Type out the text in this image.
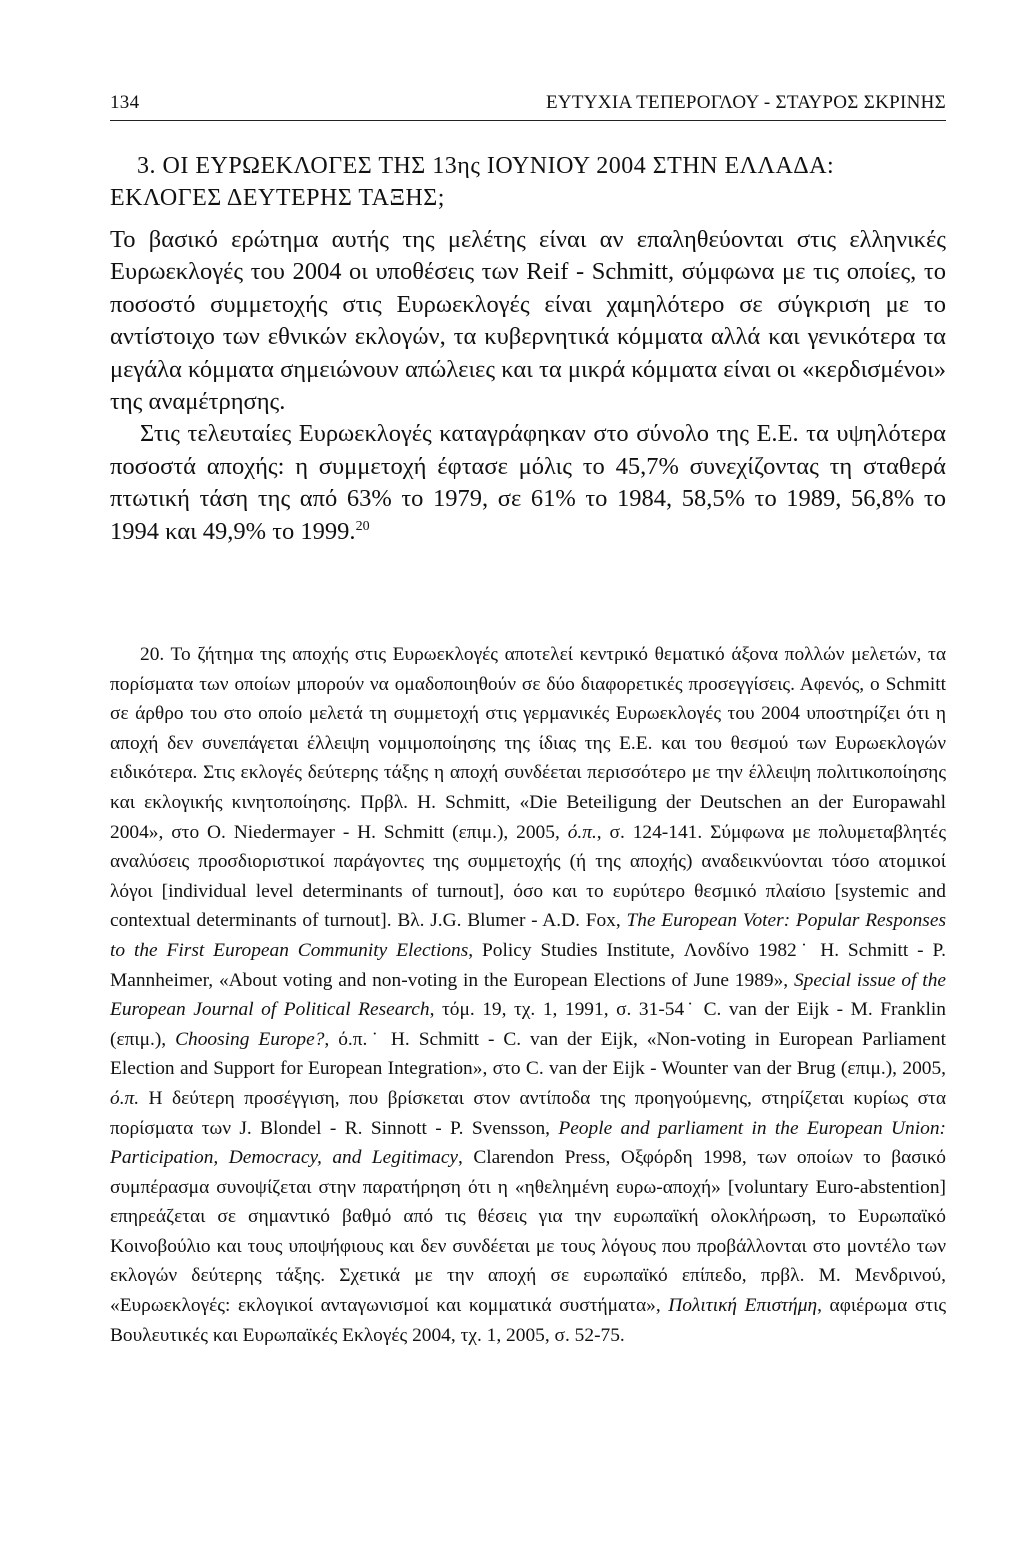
134	ΕΥΤΥΧΙΑ ΤΕΠΕΡΟΓΛΟΥ - ΣΤΑΥΡΟΣ ΣΚΡΙΝΗΣ
3. ΟΙ ΕΥΡΩΕΚΛΟΓΕΣ ΤΗΣ 13ης ΙΟΥΝΙΟΥ 2004 ΣΤΗΝ ΕΛΛΑΔΑ: ΕΚΛΟΓΕΣ ΔΕΥΤΕΡΗΣ ΤΑΞΗΣ;

Το βασικό ερώτημα αυτής της μελέτης είναι αν επαληθεύονται στις ελληνικές Ευρωεκλογές του 2004 οι υποθέσεις των Reif - Schmitt, σύμφωνα με τις οποίες, το ποσοστό συμμετοχής στις Ευρωεκλογές είναι χαμηλότερο σε σύγκριση με το αντίστοιχο των εθνικών εκλογών, τα κυβερνητικά κόμματα αλλά και γενικότερα τα μεγάλα κόμματα σημειώνουν απώλειες και τα μικρά κόμματα είναι οι «κερδισμένοι» της αναμέτρησης.

Στις τελευταίες Ευρωεκλογές καταγράφηκαν στο σύνολο της Ε.Ε. τα υψηλότερα ποσοστά αποχής: η συμμετοχή έφτασε μόλις το 45,7% συνεχίζοντας τη σταθερά πτωτική τάση της από 63% το 1979, σε 61% το 1984, 58,5% το 1989, 56,8% το 1994 και 49,9% το 1999.20

20. Το ζήτημα της αποχής στις Ευρωεκλογές αποτελεί κεντρικό θεματικό άξονα πολλών μελετών, τα πορίσματα των οποίων μπορούν να ομαδοποιηθούν σε δύο διαφορετικές προσεγγίσεις. Αφενός, ο Schmitt σε άρθρο του στο οποίο μελετά τη συμμετοχή στις γερμανικές Ευρωεκλογές του 2004 υποστηρίζει ότι η αποχή δεν συνεπάγεται έλλειψη νομιμοποίησης της ίδιας της Ε.Ε. και του θεσμού των Ευρωεκλογών ειδικότερα. Στις εκλογές δεύτερης τάξης η αποχή συνδέεται περισσότερο με την έλλειψη πολιτικοποίησης και εκλογικής κινητοποίησης. Πρβλ. H. Schmitt, «Die Beteiligung der Deutschen an der Europawahl 2004», στο O. Niedermayer - H. Schmitt (επιμ.), 2005, ό.π., σ. 124-141. Σύμφωνα με πολυμεταβλητές αναλύσεις προσδιοριστικοί παράγοντες της συμμετοχής (ή της αποχής) αναδεικνύονται τόσο ατομικοί λόγοι [individual level determinants of turnout], όσο και το ευρύτερο θεσμικό πλαίσιο [systemic and contextual determinants of turnout]. Βλ. J.G. Blumer - A.D. Fox, The European Voter: Popular Responses to the First European Community Elections, Policy Studies Institute, Λονδίνο 1982˙ H. Schmitt - P. Mannheimer, «About voting and non-voting in the European Elections of June 1989», Special issue of the European Journal of Political Research, τόμ. 19, τχ. 1, 1991, σ. 31-54˙ C. van der Eijk - M. Franklin (επιμ.), Choosing Europe?, ό.π.˙ H. Schmitt - C. van der Eijk, «Non-voting in European Parliament Election and Support for European Integration», στο C. van der Eijk - Wounter van der Brug (επιμ.), 2005, ό.π. Η δεύτερη προσέγγιση, που βρίσκεται στον αντίποδα της προηγούμενης, στηρίζεται κυρίως στα πορίσματα των J. Blondel - R. Sinnott - P. Svensson, People and parliament in the European Union: Participation, Democracy, and Legitimacy, Clarendon Press, Οξφόρδη 1998, των οποίων το βασικό συμπέρασμα συνοψίζεται στην παρατήρηση ότι η «ηθελημένη ευρω-αποχή» [voluntary Euro-abstention] επηρεάζεται σε σημαντικό βαθμό από τις θέσεις για την ευρωπαϊκή ολοκλήρωση, το Ευρωπαϊκό Κοινοβούλιο και τους υποψήφιους και δεν συνδέεται με τους λόγους που προβάλλονται στο μοντέλο των εκλογών δεύτερης τάξης. Σχετικά με την αποχή σε ευρωπαϊκό επίπεδο, πρβλ. Μ. Μενδρινού, «Ευρωεκλογές: εκλογικοί ανταγωνισμοί και κομματικά συστήματα», Πολιτική Επιστήμη, αφιέρωμα στις Βουλευτικές και Ευρωπαϊκές Εκλογές 2004, τχ. 1, 2005, σ. 52-75.
